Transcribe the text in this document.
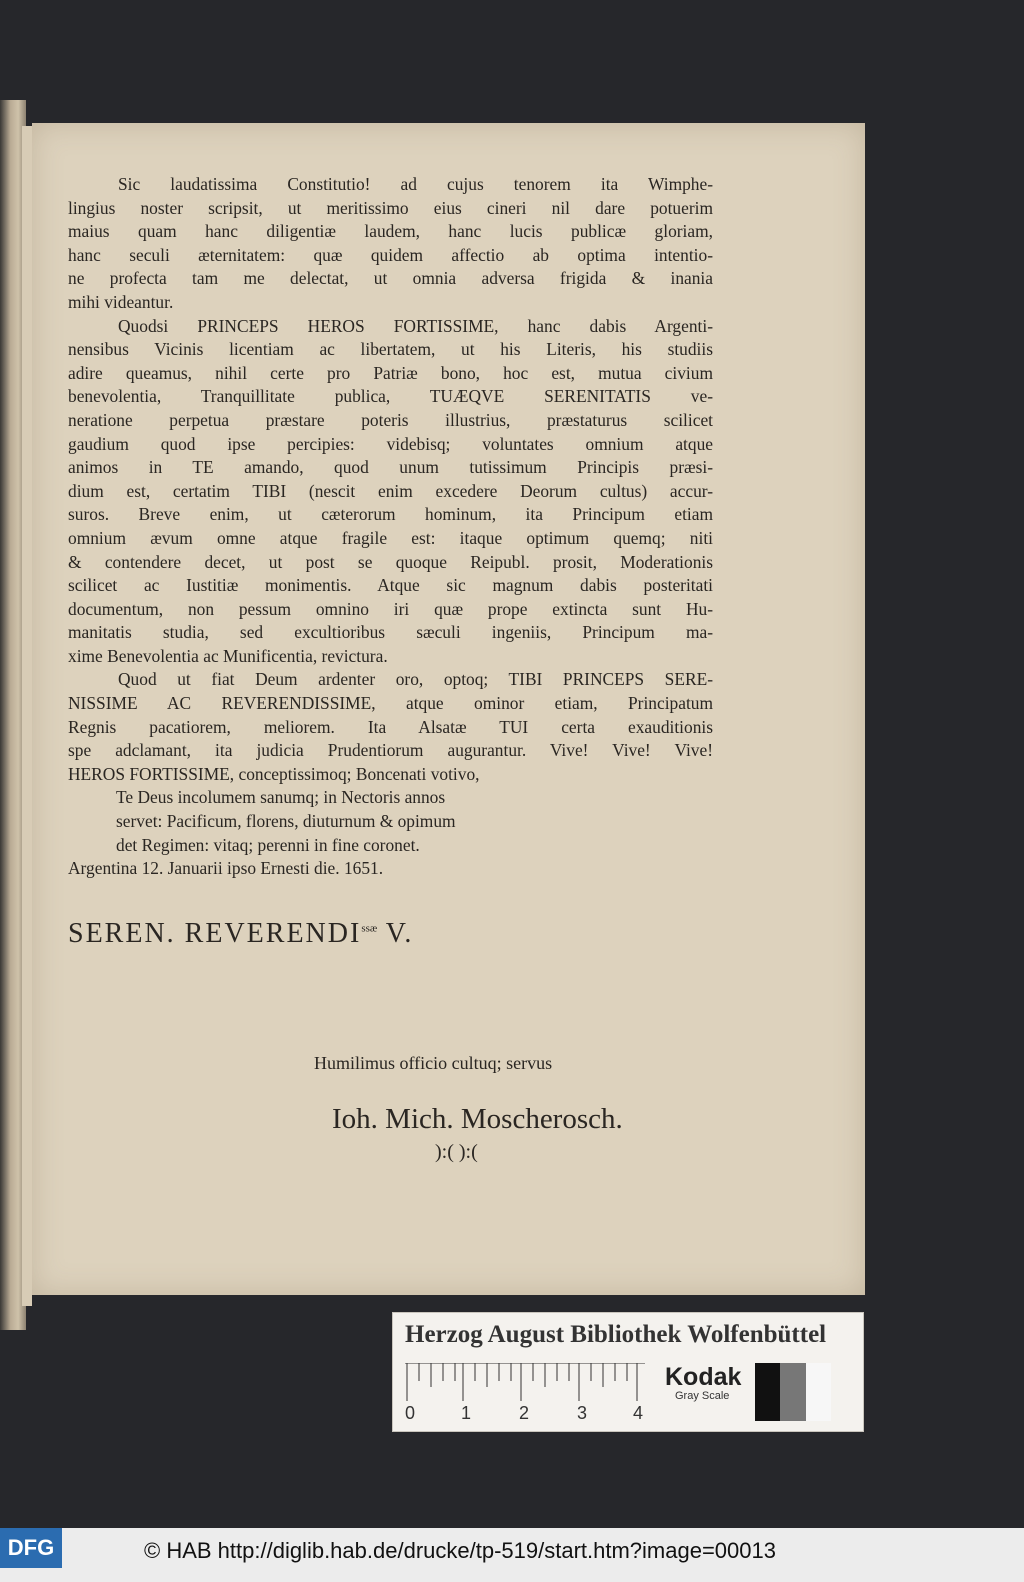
Sic laudatissima Constitutio! ad cujus tenorem ita Wimphe-
lingius noster scripsit, ut meritissimo eius cineri nil dare potuerim
maius quam hanc diligentiæ laudem, hanc lucis publicæ gloriam,
hanc seculi æternitatem: quæ quidem affectio ab optima intentio-
ne profecta tam me delectat, ut omnia adversa frigida & inania
mihi videantur.

Quodsi PRINCEPS HEROS FORTISSIME, hanc dabis Argenti-
nensibus Vicinis licentiam ac libertatem, ut his Literis, his studiis
adire queamus, nihil certe pro Patriæ bono, hoc est, mutua civium
benevolentia, Tranquillitate publica, TUÆQVE SERENITATIS ve-
neratione perpetua præstare poteris illustrius, præstaturus scilicet
gaudium quod ipse percipies: videbisq; voluntates omnium atque
animos in TE amando, quod unum tutissimum Principis præsi-
dium est, certatim TIBI (nescit enim excedere Deorum cultus) accur-
suros. Breve enim, ut cæterorum hominum, ita Principum etiam
omnium ævum omne atque fragile est: itaque optimum quemq; niti
& contendere decet, ut post se quoque Reipubl. prosit, Moderationis
scilicet ac Iustitiæ monimentis. Atque sic magnum dabis posteritati
documentum, non pessum omnino iri quæ prope extincta sunt Hu-
manitatis studia, sed excultioribus sæculi ingeniis, Principum ma-
xime Benevolentia ac Munificentia, revictura.

Quod ut fiat Deum ardenter oro, optoq; TIBI PRINCEPS SERE-
NISSIME AC REVERENDISSIME, atque ominor etiam, Principatum
Regnis pacatiorem, meliorem. Ita Alsatæ TUI certa exauditionis
spe adclamant, ita judicia Prudentiorum augurantur. Vive! Vive! Vive!
HEROS FORTISSIME, conceptissimoq; Boncenati votivo,

Te Deus incolumem sanumq; in Nectoris annos
servet: Pacificum, florens, diuturnum & opimum
det Regimen: vitaq; perenni in fine coronet.
Argentina 12. Januarii ipso Ernesti die. 1651.
SEREN. $REVERENDI^{ssæ}$ V.
Humilimus officio cultuq; servus
Ioh. Mich. Moscherosch.
):( ):(
Herzog August Bibliothek Wolfenbüttel
0	1	2	3	4
Kodak
Gray Scale
DFG	© HAB http://diglib.hab.de/drucke/tp-519/start.htm?image=00013
